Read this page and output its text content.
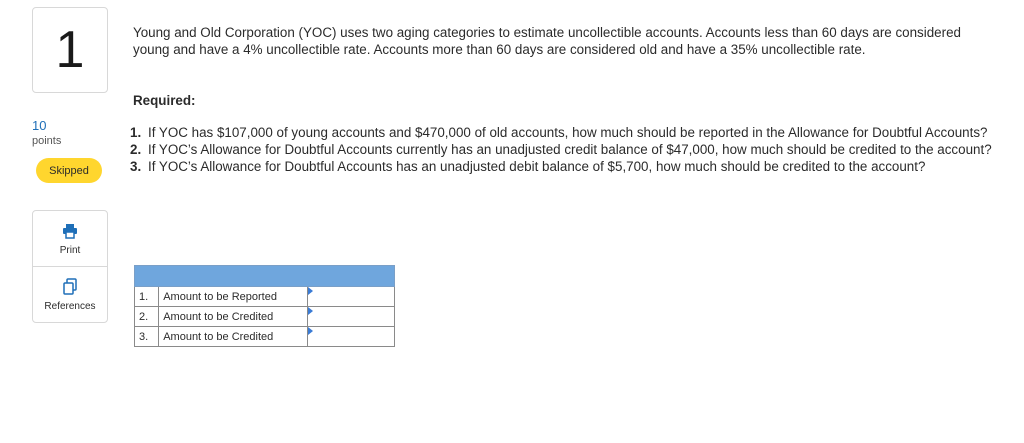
1
10
points
Skipped
Print
References

Young and Old Corporation (YOC) uses two aging categories to estimate uncollectible accounts. Accounts less than 60 days are considered young and have a 4% uncollectible rate. Accounts more than 60 days are considered old and have a 35% uncollectible rate.

Required:
1. If YOC has $107,000 of young accounts and $470,000 of old accounts, how much should be reported in the Allowance for Doubtful Accounts?
2. If YOC’s Allowance for Doubtful Accounts currently has an unadjusted credit balance of $47,000, how much should be credited to the account?
3. If YOC’s Allowance for Doubtful Accounts has an unadjusted debit balance of $5,700, how much should be credited to the account?

1.	Amount to be Reported	

2.	Amount to be Credited	

3.	Amount to be Credited	
